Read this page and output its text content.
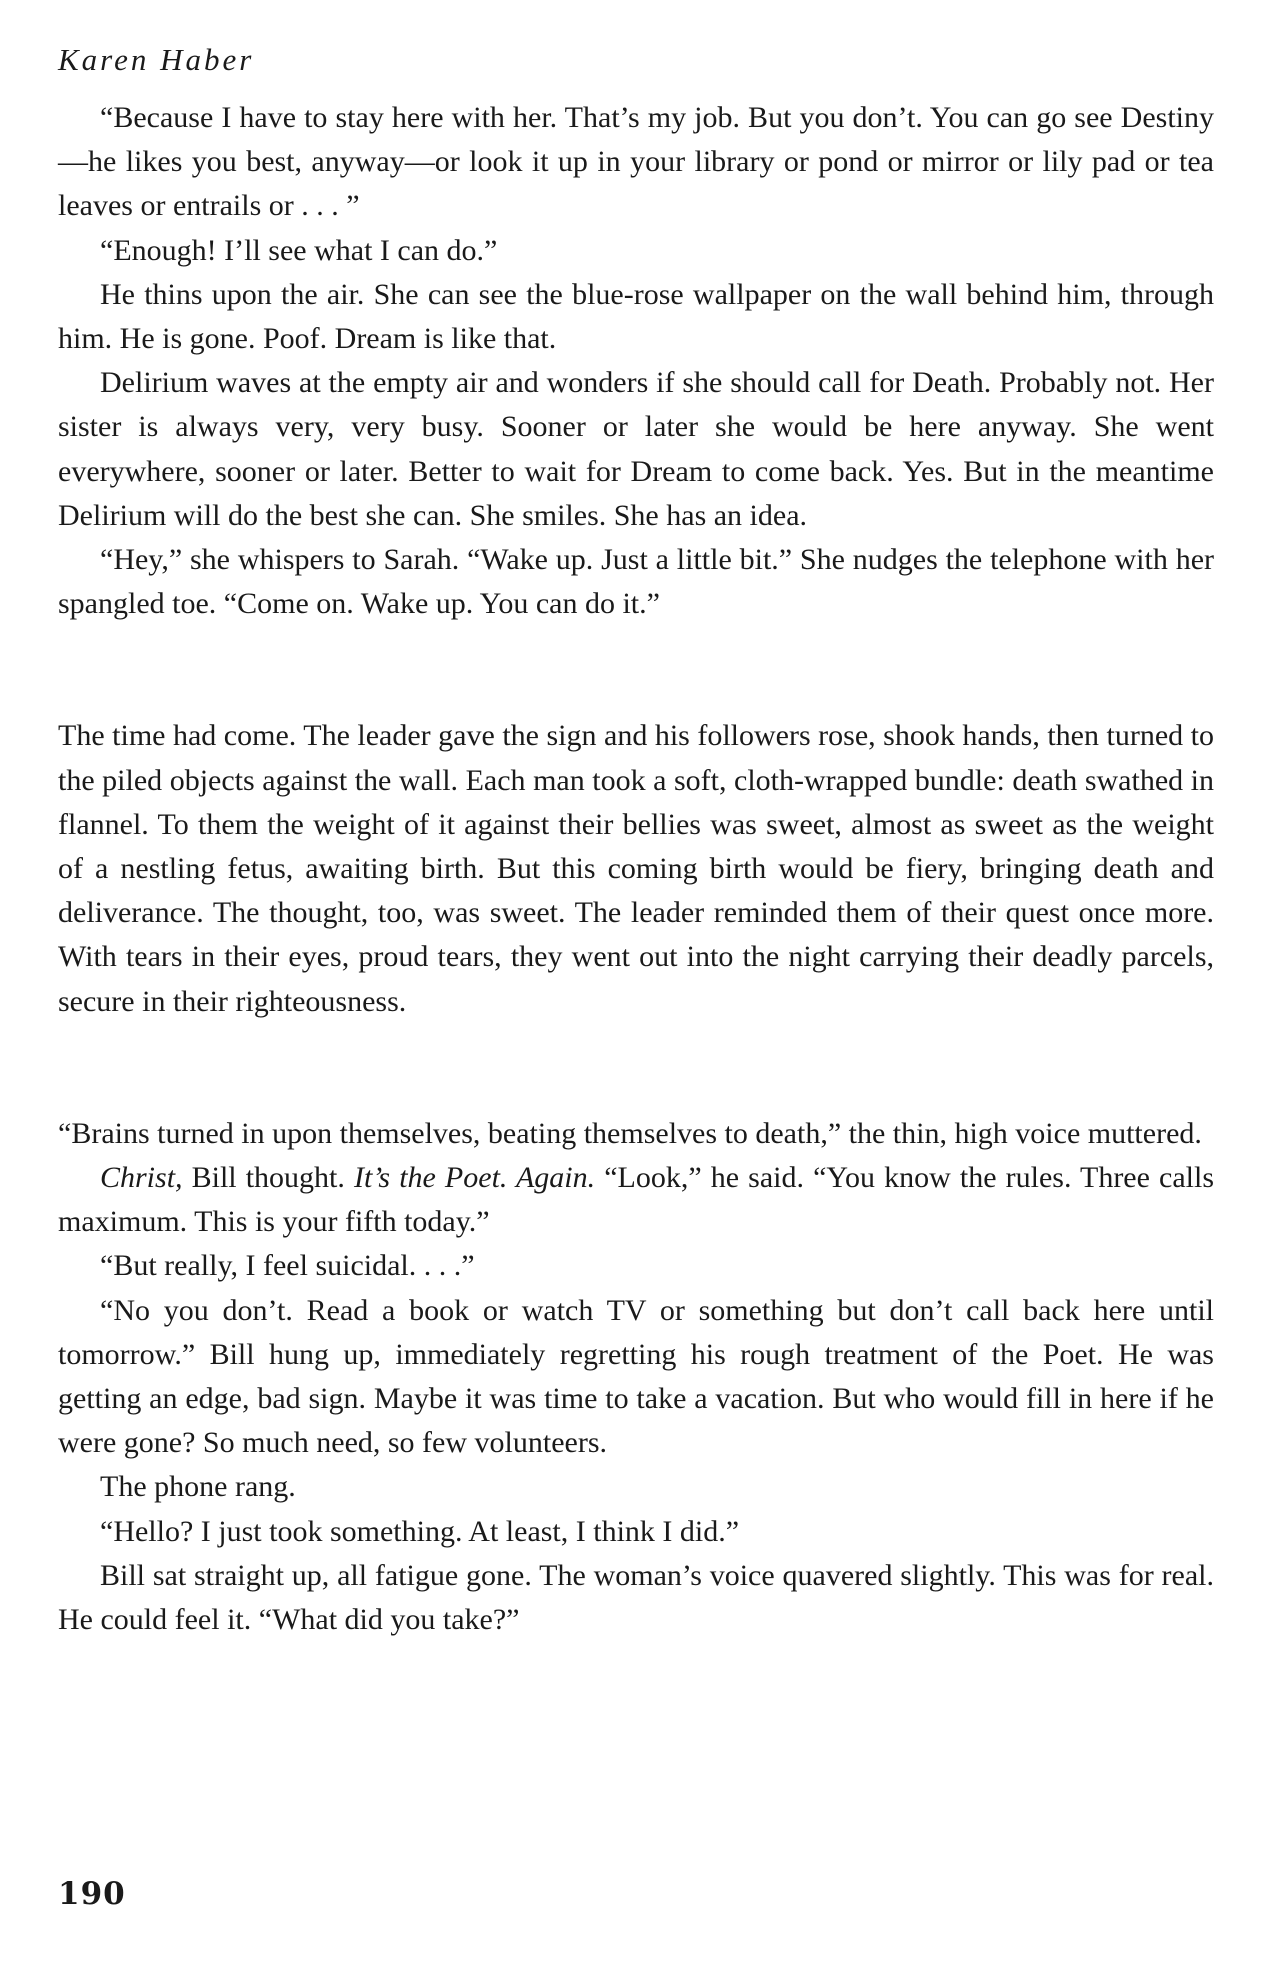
Karen Haber

“Because I have to stay here with her. That’s my job. But you don’t. You can go see Destiny—he likes you best, anyway—or look it up in your library or pond or mirror or lily pad or tea leaves or entrails or . . . ”

“Enough! I’ll see what I can do.”

He thins upon the air. She can see the blue-rose wallpaper on the wall behind him, through him. He is gone. Poof. Dream is like that.

Delirium waves at the empty air and wonders if she should call for Death. Probably not. Her sister is always very, very busy. Sooner or later she would be here anyway. She went everywhere, sooner or later. Better to wait for Dream to come back. Yes. But in the meantime Delirium will do the best she can. She smiles. She has an idea.

“Hey,” she whispers to Sarah. “Wake up. Just a little bit.” She nudges the telephone with her spangled toe. “Come on. Wake up. You can do it.”

The time had come. The leader gave the sign and his followers rose, shook hands, then turned to the piled objects against the wall. Each man took a soft, cloth-wrapped bundle: death swathed in flannel. To them the weight of it against their bellies was sweet, almost as sweet as the weight of a nestling fetus, awaiting birth. But this coming birth would be fiery, bringing death and deliverance. The thought, too, was sweet. The leader reminded them of their quest once more. With tears in their eyes, proud tears, they went out into the night carrying their deadly parcels, secure in their righteousness.

“Brains turned in upon themselves, beating themselves to death,” the thin, high voice muttered.

Christ, Bill thought. It’s the Poet. Again. “Look,” he said. “You know the rules. Three calls maximum. This is your fifth today.”

“But really, I feel suicidal. . . .”

“No you don’t. Read a book or watch TV or something but don’t call back here until tomorrow.” Bill hung up, immediately regretting his rough treatment of the Poet. He was getting an edge, bad sign. Maybe it was time to take a vacation. But who would fill in here if he were gone? So much need, so few volunteers.

The phone rang.

“Hello? I just took something. At least, I think I did.”

Bill sat straight up, all fatigue gone. The woman’s voice quavered slightly. This was for real. He could feel it. “What did you take?”

190
